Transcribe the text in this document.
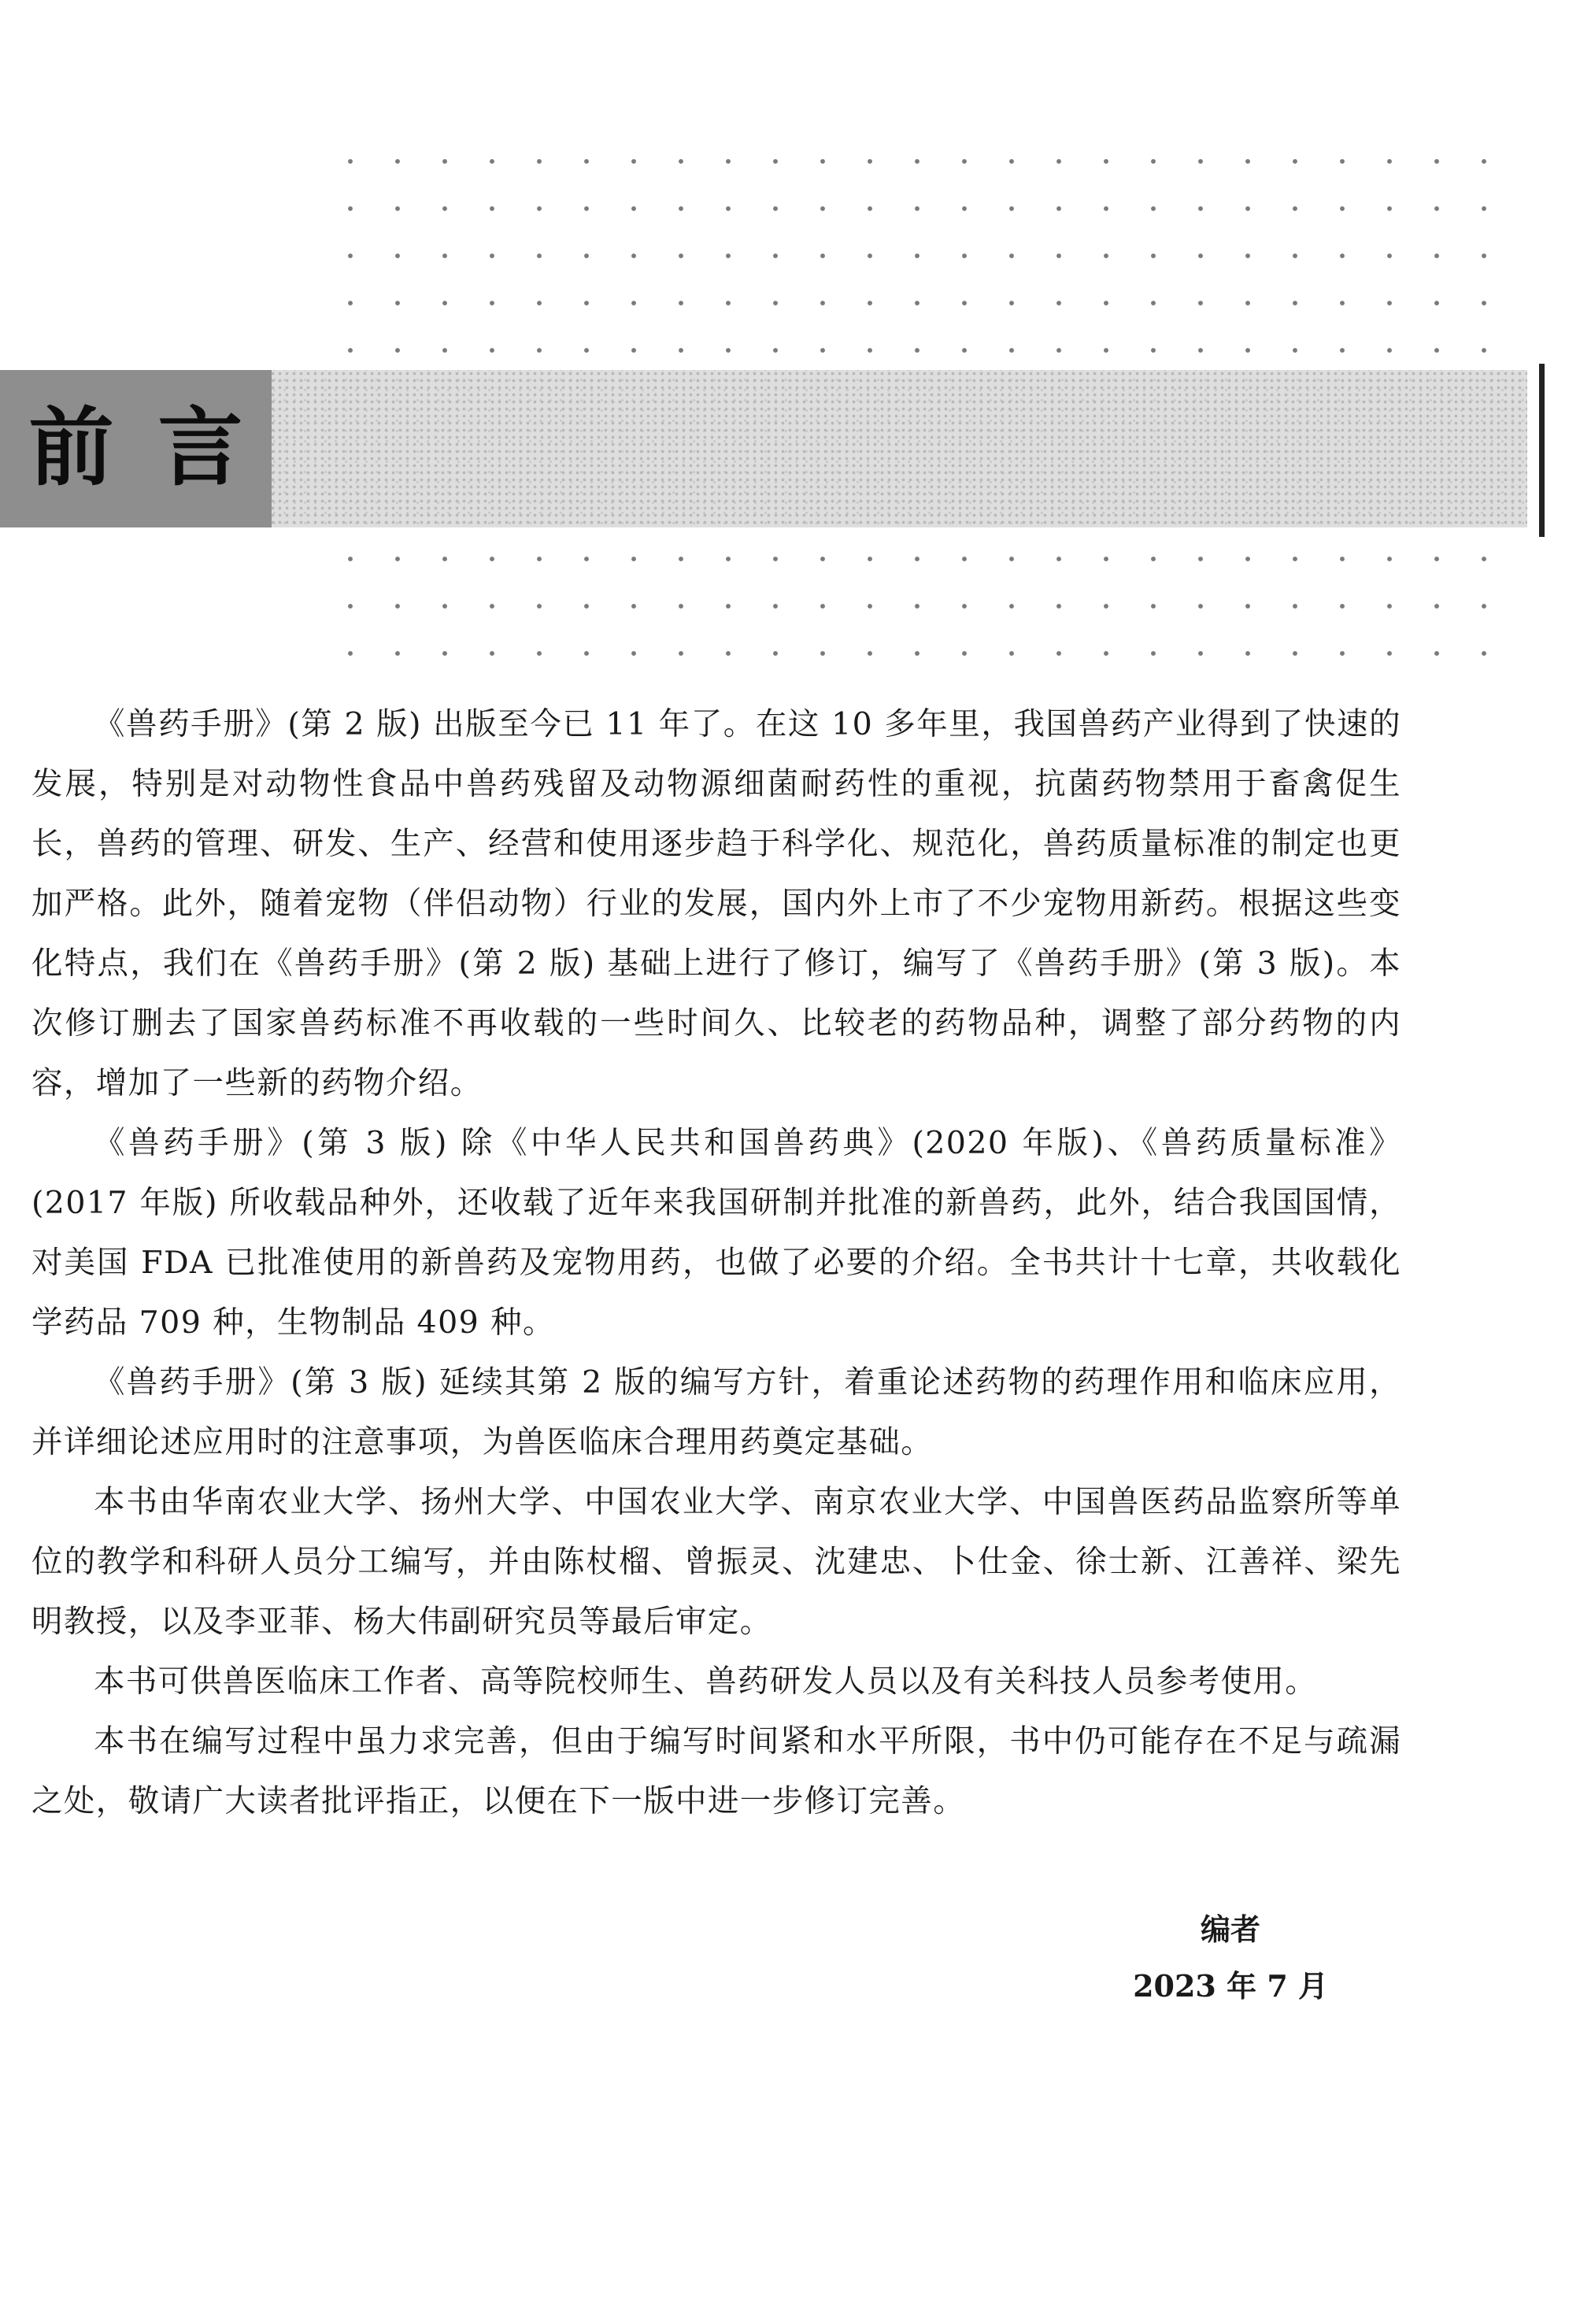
前言

《兽药手册》(第 2 版) 出版至今已 11 年了。在这 10 多年里，我国兽药产业得到了快速的发展，特别是对动物性食品中兽药残留及动物源细菌耐药性的重视，抗菌药物禁用于畜禽促生长，兽药的管理、研发、生产、经营和使用逐步趋于科学化、规范化，兽药质量标准的制定也更加严格。此外，随着宠物（伴侣动物）行业的发展，国内外上市了不少宠物用新药。根据这些变化特点，我们在《兽药手册》(第 2 版) 基础上进行了修订，编写了《兽药手册》(第 3 版)。本次修订删去了国家兽药标准不再收载的一些时间久、比较老的药物品种，调整了部分药物的内容，增加了一些新的药物介绍。

《兽药手册》(第 3 版) 除《中华人民共和国兽药典》(2020 年版)、《兽药质量标准》(2017 年版) 所收载品种外，还收载了近年来我国研制并批准的新兽药，此外，结合我国国情，对美国 FDA 已批准使用的新兽药及宠物用药，也做了必要的介绍。全书共计十七章，共收载化学药品 709 种，生物制品 409 种。

《兽药手册》(第 3 版) 延续其第 2 版的编写方针，着重论述药物的药理作用和临床应用，并详细论述应用时的注意事项，为兽医临床合理用药奠定基础。

本书由华南农业大学、扬州大学、中国农业大学、南京农业大学、中国兽医药品监察所等单位的教学和科研人员分工编写，并由陈杖榴、曾振灵、沈建忠、卜仕金、徐士新、江善祥、梁先明教授，以及李亚菲、杨大伟副研究员等最后审定。

本书可供兽医临床工作者、高等院校师生、兽药研发人员以及有关科技人员参考使用。

本书在编写过程中虽力求完善，但由于编写时间紧和水平所限，书中仍可能存在不足与疏漏之处，敬请广大读者批评指正，以便在下一版中进一步修订完善。

编者
2023 年 7 月
